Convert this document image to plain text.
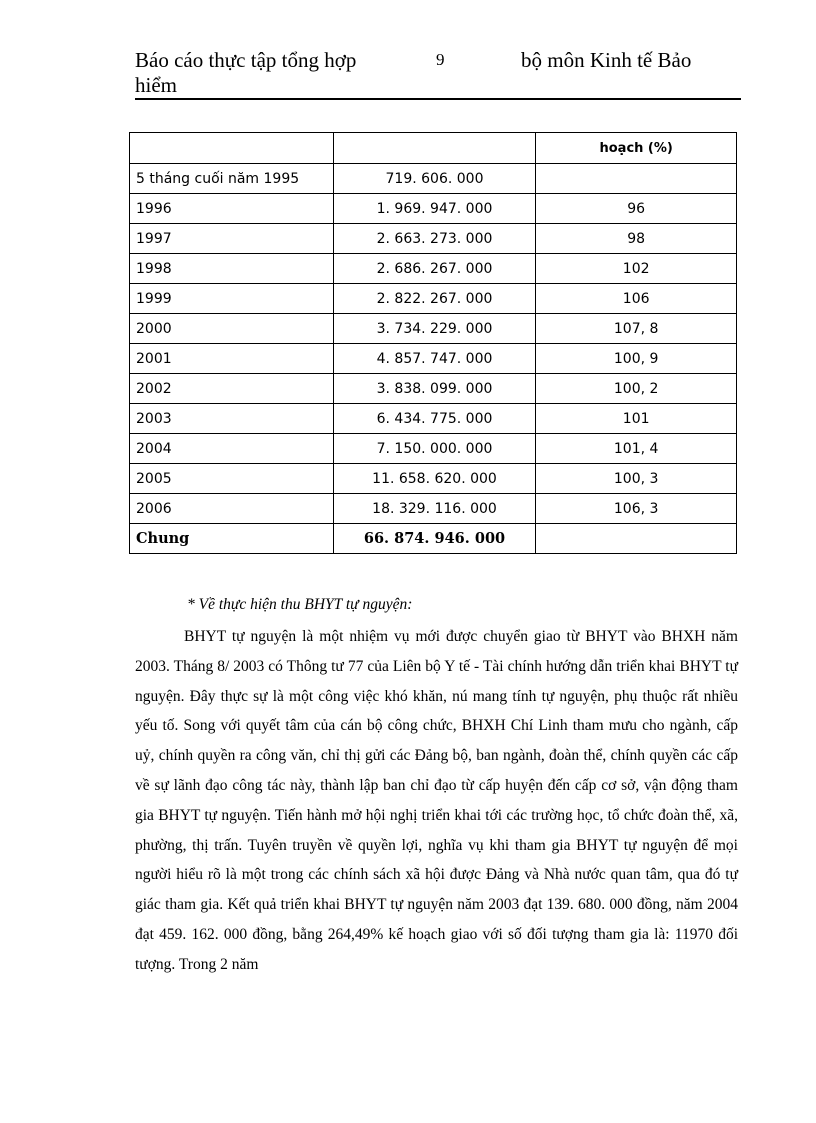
Báo cáo thực tập tổng hợp hiểm
9	bộ môn Kinh tế Bảo
		hoạch (%)
5 tháng cuối năm 1995	719. 606. 000	
1996	1. 969. 947. 000	96
1997	2. 663. 273. 000	98
1998	2. 686. 267. 000	102
1999	2. 822. 267. 000	106
2000	3. 734. 229. 000	107, 8
2001	4. 857. 747. 000	100, 9
2002	3. 838. 099. 000	100, 2
2003	6. 434. 775. 000	101
2004	7. 150. 000. 000	101, 4
2005	11. 658. 620. 000	100, 3
2006	18. 329. 116. 000	106, 3
Chung	66. 874. 946. 000	
* Về thực hiện thu BHYT tự nguyện:
BHYT tự nguyện là một nhiệm vụ mới được chuyển giao từ BHYT vào BHXH năm 2003. Tháng 8/ 2003 có Thông tư 77 của Liên bộ Y tế - Tài chính hướng dẫn triển khai BHYT tự nguyện. Đây thực sự là một công việc khó khăn, nú mang tính tự nguyện, phụ thuộc rất nhiều yếu tố. Song với quyết tâm của cán bộ công chức, BHXH Chí Linh tham mưu cho ngành, cấp uỷ, chính quyền ra công văn, chỉ thị gửi các Đảng bộ, ban ngành, đoàn thể, chính quyền các cấp về sự lãnh đạo công tác này, thành lập ban chỉ đạo từ cấp huyện đến cấp cơ sở, vận động tham gia BHYT tự nguyện. Tiến hành mở hội nghị triển khai tới các trường học, tổ chức đoàn thể, xã, phường, thị trấn. Tuyên truyền về quyền lợi, nghĩa vụ khi tham gia BHYT tự nguyện để mọi người hiểu rõ là một trong các chính sách xã hội được Đảng và Nhà nước quan tâm, qua đó tự giác tham gia. Kết quả triển khai BHYT tự nguyện năm 2003 đạt 139. 680. 000 đồng, năm 2004 đạt 459. 162. 000 đồng, bằng 264,49% kế hoạch giao với số đối tượng tham gia là: 11970 đối tượng. Trong 2 năm
